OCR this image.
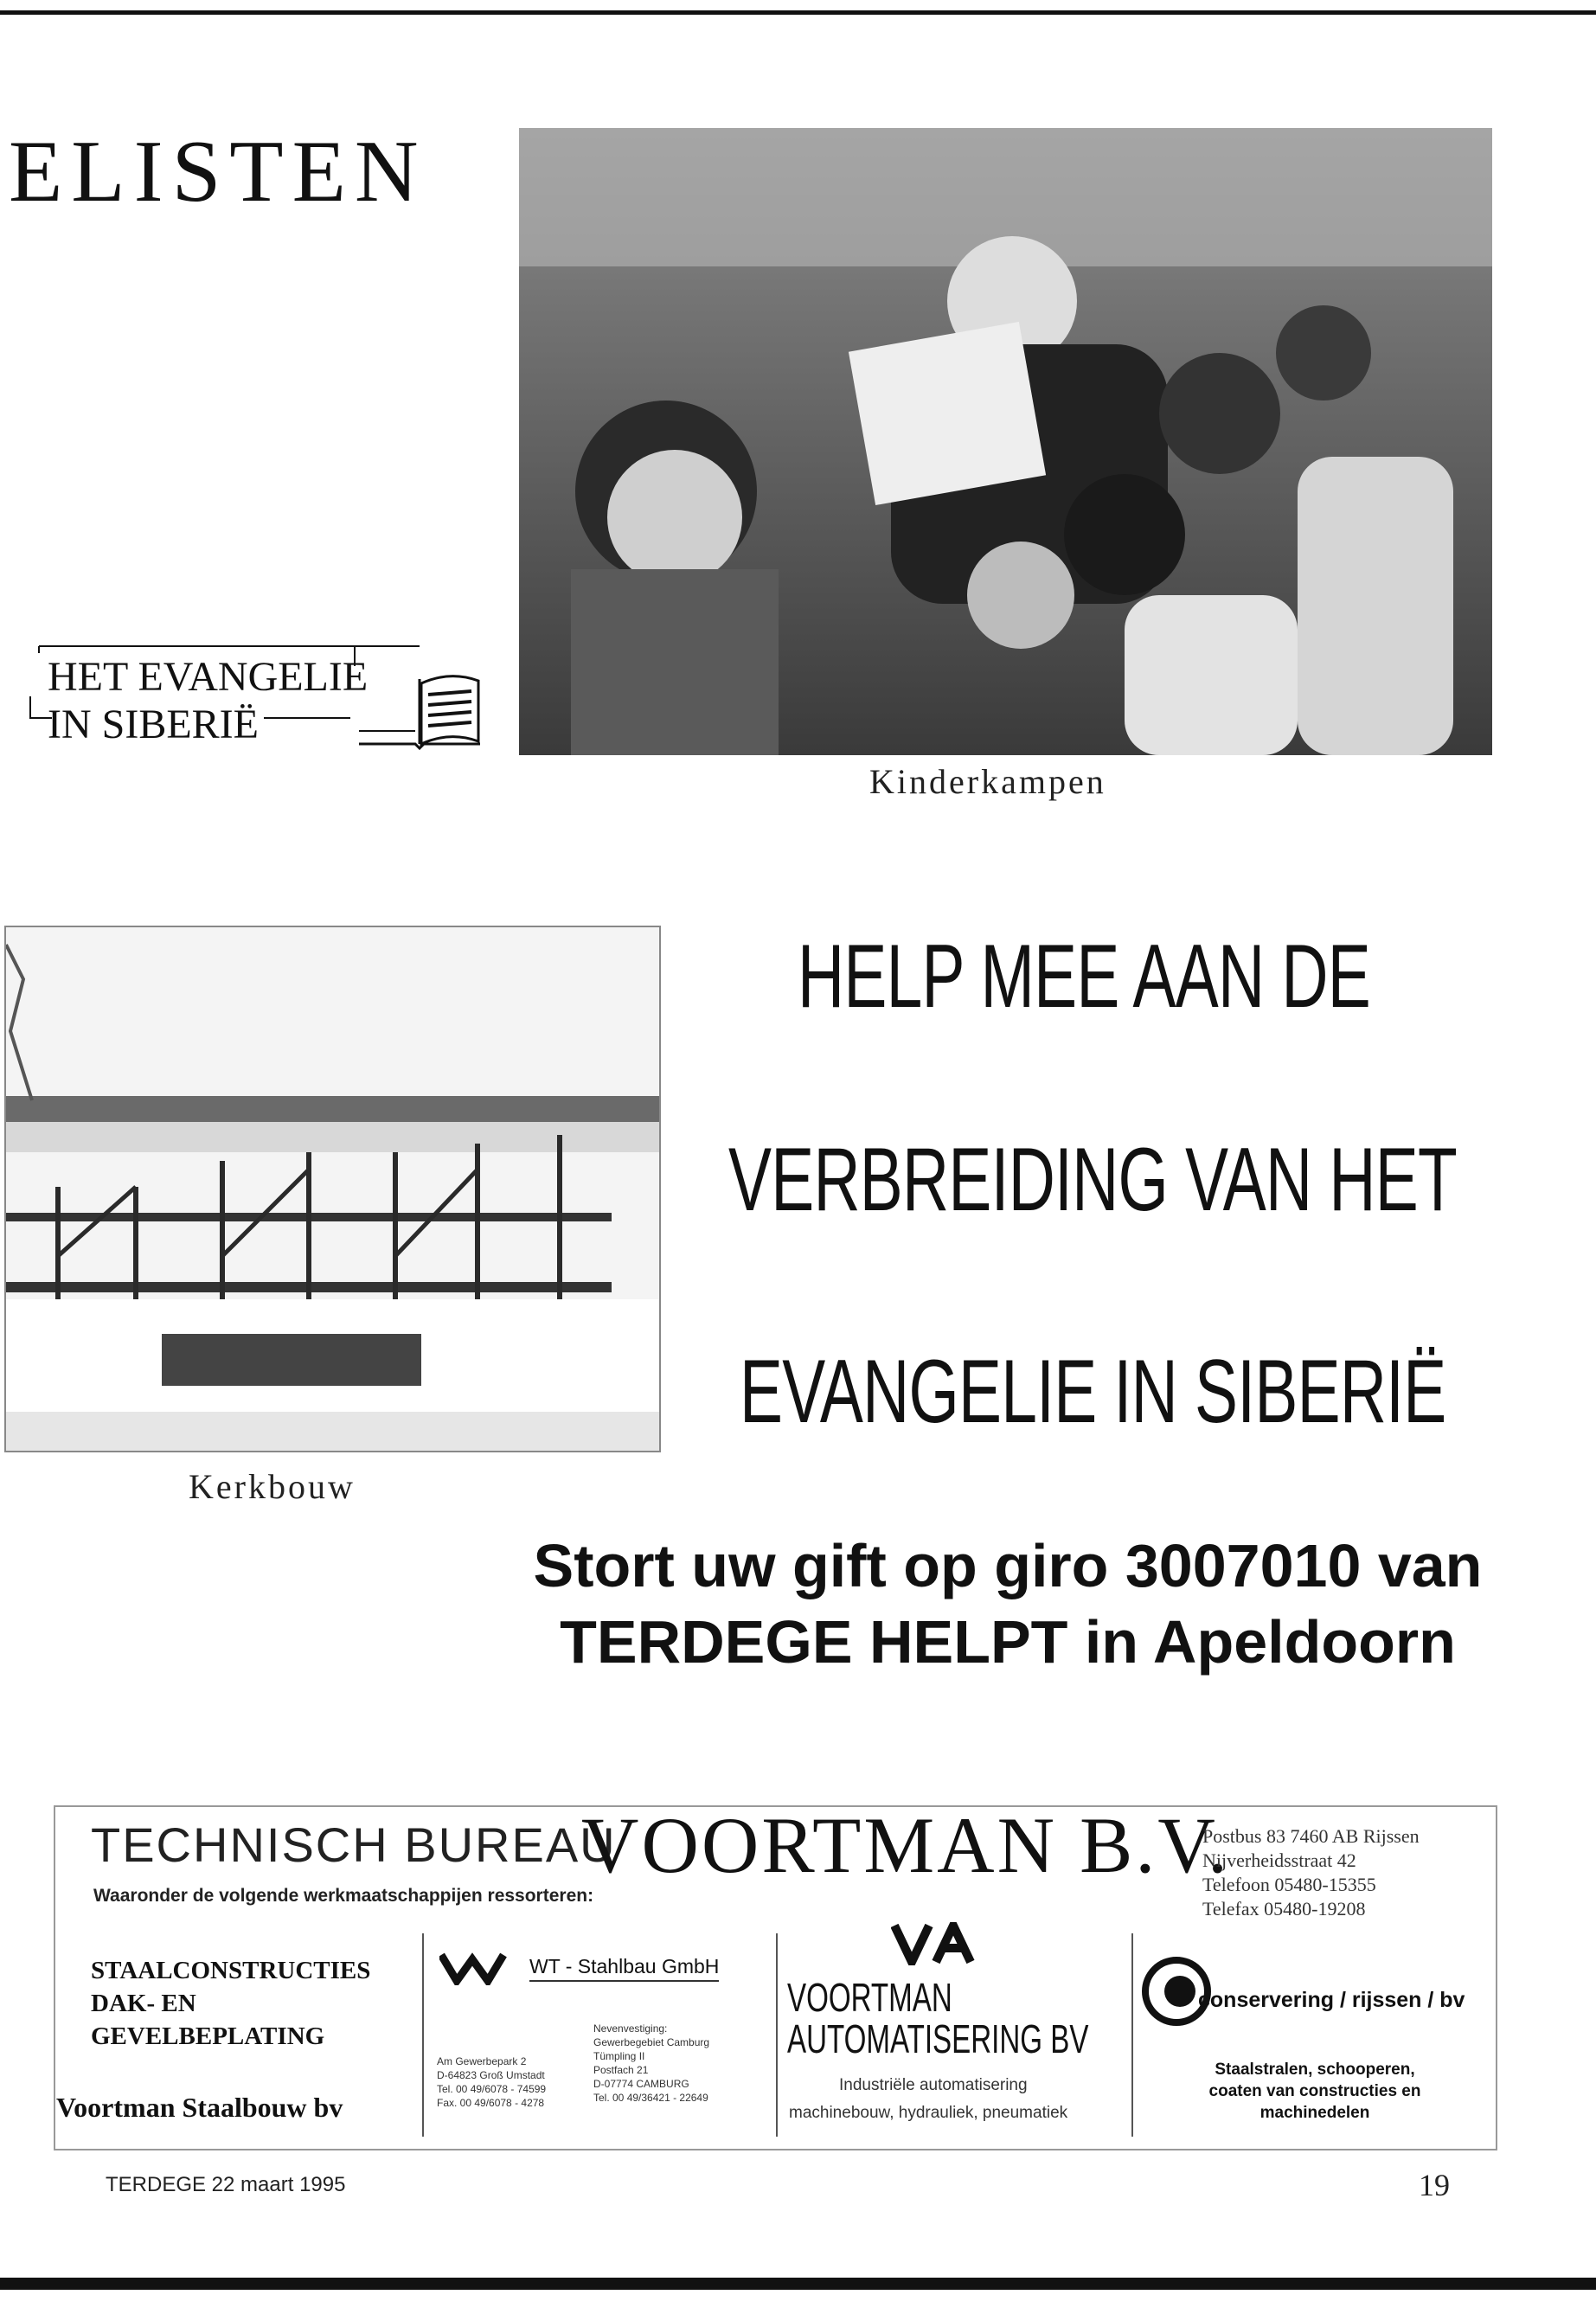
ELISTEN
HET EVANGELIE
IN SIBERIË
Kinderkampen
Kerkbouw
HELP MEE AAN DE
VERBREIDING VAN HET
EVANGELIE IN SIBERIË
Stort uw gift op giro 3007010 van
TERDEGE HELPT in Apeldoorn
TECHNISCH BUREAU
VOORTMAN B.V.
Postbus 83 7460 AB Rijssen
Nijverheidsstraat 42
Telefoon 05480-15355
Telefax 05480-19208
Waaronder de volgende werkmaatschappijen ressorteren:
STAALCONSTRUCTIES
DAK- EN
GEVELBEPLATING
Voortman Staalbouw bv
WT - Stahlbau GmbH
Am Gewerbepark 2
D-64823 Groß Umstadt
Tel. 00 49/6078 - 74599
Fax. 00 49/6078 - 4278
Nevenvestiging:
Gewerbegebiet Camburg
Tümpling II
Postfach 21
D-07774 CAMBURG
Tel. 00 49/36421 - 22649
VOORTMAN
AUTOMATISERING BV
Industriële automatisering
machinebouw, hydrauliek, pneumatiek
conservering / rijssen / bv
Staalstralen, schooperen,
coaten van constructies en
machinedelen
TERDEGE 22 maart 1995	19
